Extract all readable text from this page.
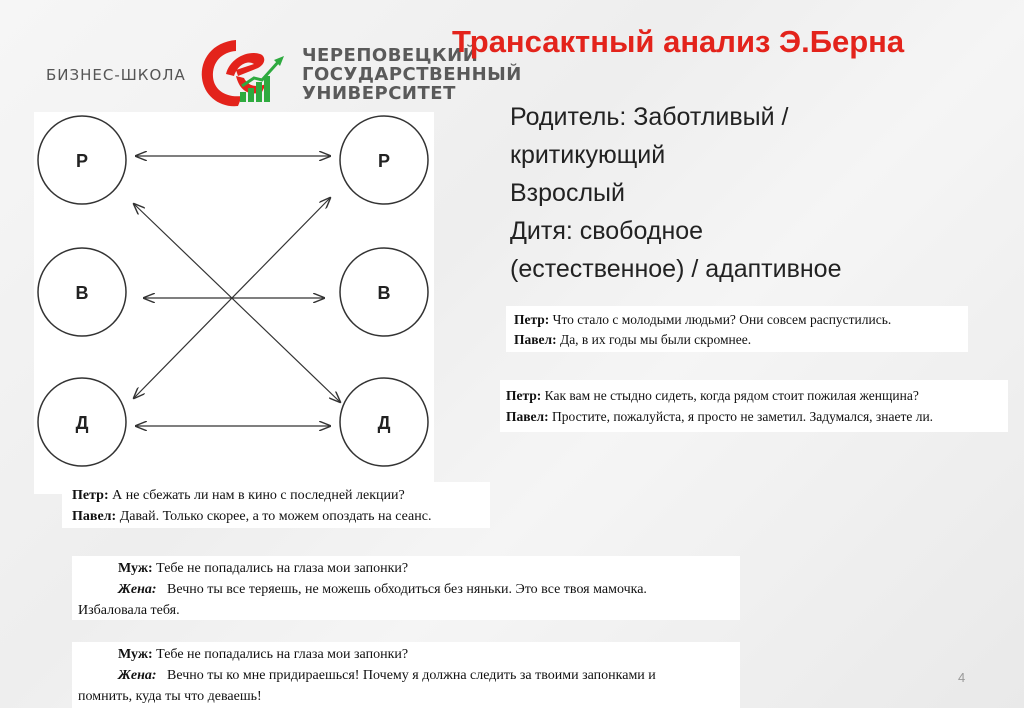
БИЗНЕС-ШКОЛА
ЧЕРЕПОВЕЦКИЙ
ГОСУДАРСТВЕННЫЙ
УНИВЕРСИТЕТ
Трансактный анализ Э.Берна
Родитель: Заботливый /
критикующий
Взрослый
Дитя: свободное
(естественное) / адаптивное
Р
В
Д
Р
В
Д
Петр: Что стало с молодыми людьми? Они совсем распустились.
Павел: Да, в их годы мы были скромнее.
Петр: Как вам не стыдно сидеть, когда рядом стоит пожилая женщина?
Павел: Простите, пожалуйста, я просто не заметил. Задумался, знаете ли.
Петр: А не сбежать ли нам в кино с последней лекции?
Павел: Давай. Только скорее, а то можем опоздать на сеанс.
Муж: Тебе не попадались на глаза мои запонки?
Жена:   Вечно ты все теряешь, не можешь обходиться без няньки. Это все твоя мамочка.
Избаловала тебя.
Муж: Тебе не попадались на глаза мои запонки?
Жена:   Вечно ты ко мне придираешься! Почему я должна следить за твоими запонками и
помнить, куда ты что деваешь!
4
